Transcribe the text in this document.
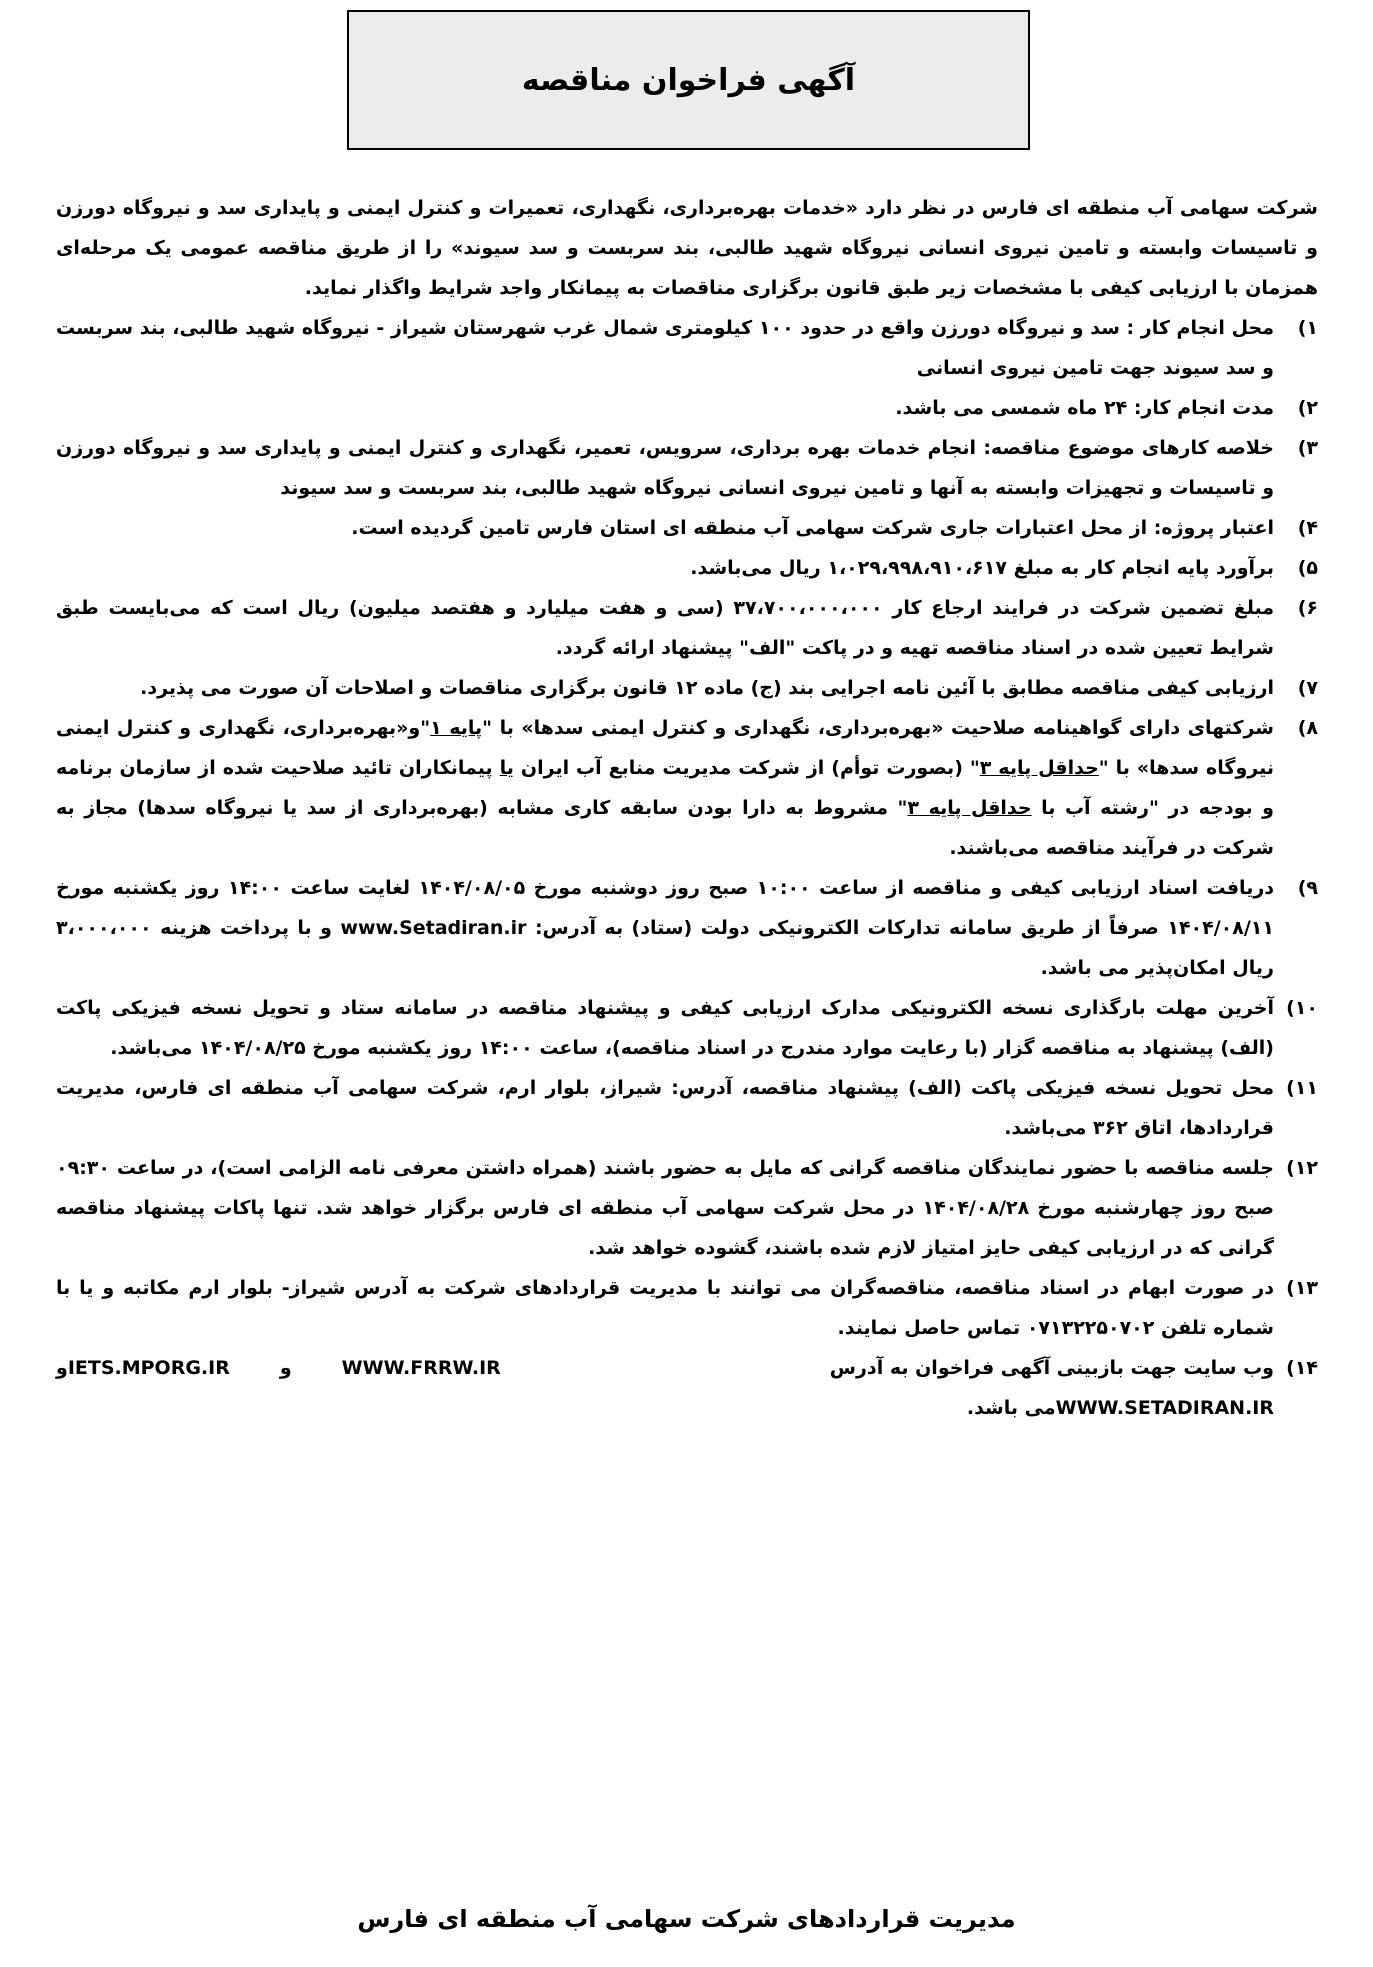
آگهی فراخوان مناقصه

شرکت سهامی آب منطقه ای فارس در نظر دارد «خدمات بهره‌برداری، نگهداری، تعمیرات و کنترل ایمنی و پایداری سد و نیروگاه دورزن و تاسیسات وابسته و تامین نیروی انسانی نیروگاه شهید طالبی، بند سربست و سد سیوند» را از طریق مناقصه عمومی یک مرحله‌ای همزمان با ارزیابی کیفی با مشخصات زیر طبق قانون برگزاری مناقصات به پیمانکار واجد شرایط واگذار نماید.

۱)
محل انجام کار : سد و نیروگاه دورزن واقع در حدود ۱۰۰ کیلومتری شمال غرب شهرستان شیراز - نیروگاه شهید طالبی، بند سربست و سد سیوند جهت تامین نیروی انسانی
۲)
مدت انجام کار: ۲۴ ماه شمسی می باشد.
۳)
خلاصه کارهای موضوع مناقصه: انجام خدمات بهره برداری، سرویس، تعمیر، نگهداری و کنترل ایمنی و پایداری سد و نیروگاه دورزن و تاسیسات و تجهیزات وابسته به آنها و تامین نیروی انسانی نیروگاه شهید طالبی، بند سربست و سد سیوند
۴)
اعتبار پروژه: از محل اعتبارات جاری شرکت سهامی آب منطقه ای استان فارس تامین گردیده است.
۵)
برآورد پایه انجام کار به مبلغ ۱،۰۲۹،۹۹۸،۹۱۰،۶۱۷ ریال می‌باشد.
۶)
مبلغ تضمین شرکت در فرایند ارجاع کار ۳۷،۷۰۰،۰۰۰،۰۰۰ (سی و هفت میلیارد و هفتصد میلیون) ریال است که می‌بایست طبق شرایط تعیین شده در اسناد مناقصه تهیه و در پاکت "الف" پیشنهاد ارائه گردد.
۷)
ارزیابی کیفی مناقصه مطابق با آئین نامه اجرایی بند (ج) ماده ۱۲ قانون برگزاری مناقصات و اصلاحات آن صورت می پذیرد.
۸)
شرکتهای دارای گواهینامه صلاحیت «بهره‌برداری، نگهداری و کنترل ایمنی سدها» با "پایه ۱"و«بهره‌برداری، نگهداری و کنترل ایمنی نیروگاه سدها» با "حداقل پایه ۳" (بصورت توأم) از شرکت مدیریت منابع آب ایران یا پیمانکاران تائید صلاحیت شده از سازمان برنامه و بودجه در "رشته آب با حداقل پایه ۳" مشروط به دارا بودن سابقه کاری مشابه (بهره‌برداری از سد یا نیروگاه سدها) مجاز به شرکت در فرآیند مناقصه می‌باشند.
۹)
دریافت اسناد ارزیابی کیفی و مناقصه از ساعت ۱۰:۰۰ صبح روز دوشنبه مورخ ۱۴۰۴/۰۸/۰۵ لغایت ساعت ۱۴:۰۰ روز یکشنبه مورخ ۱۴۰۴/۰۸/۱۱ صرفاً از طریق سامانه تدارکات الکترونیکی دولت (ستاد) به آدرس: www.Setadiran.ir و با پرداخت هزینه ۳،۰۰۰،۰۰۰ ریال امکان‌پذیر می باشد.
۱۰)
آخرین مهلت بارگذاری نسخه الکترونیکی مدارک ارزیابی کیفی و پیشنهاد مناقصه در سامانه ستاد و تحویل نسخه فیزیکی پاکت (الف) پیشنهاد به مناقصه گزار (با رعایت موارد مندرج در اسناد مناقصه)، ساعت ۱۴:۰۰ روز یکشنبه مورخ ۱۴۰۴/۰۸/۲۵ می‌باشد.
۱۱)
محل تحویل نسخه فیزیکی پاکت (الف) پیشنهاد مناقصه، آدرس: شیراز، بلوار ارم، شرکت سهامی آب منطقه ای فارس، مدیریت قراردادها، اتاق ۳۶۲ می‌باشد.
۱۲)
جلسه مناقصه با حضور نمایندگان مناقصه گرانی که مایل به حضور باشند (همراه داشتن معرفی نامه الزامی است)، در ساعت ۰۹:۳۰ صبح روز چهارشنبه مورخ ۱۴۰۴/۰۸/۲۸ در محل شرکت سهامی آب منطقه ای فارس برگزار خواهد شد. تنها پاکات پیشنهاد مناقصه گرانی که در ارزیابی کیفی حایز امتیاز لازم شده باشند، گشوده خواهد شد.
۱۳)
در صورت ابهام در اسناد مناقصه، مناقصه‌گران می توانند با مدیریت قراردادهای شرکت به آدرس شیراز- بلوار ارم مکاتبه و یا با شماره تلفن ۰۷۱۳۲۲۵۰۷۰۲ تماس حاصل نمایند.
۱۴)
وب سایت جهت بازبینی آگهی فراخوان به آدرس
WWW.FRRW.IR
و
IETS.MPORG.IRو
WWW.SETADIRAN.IRمی باشد.
مدیریت قراردادهای شرکت سهامی آب منطقه ای فارس
